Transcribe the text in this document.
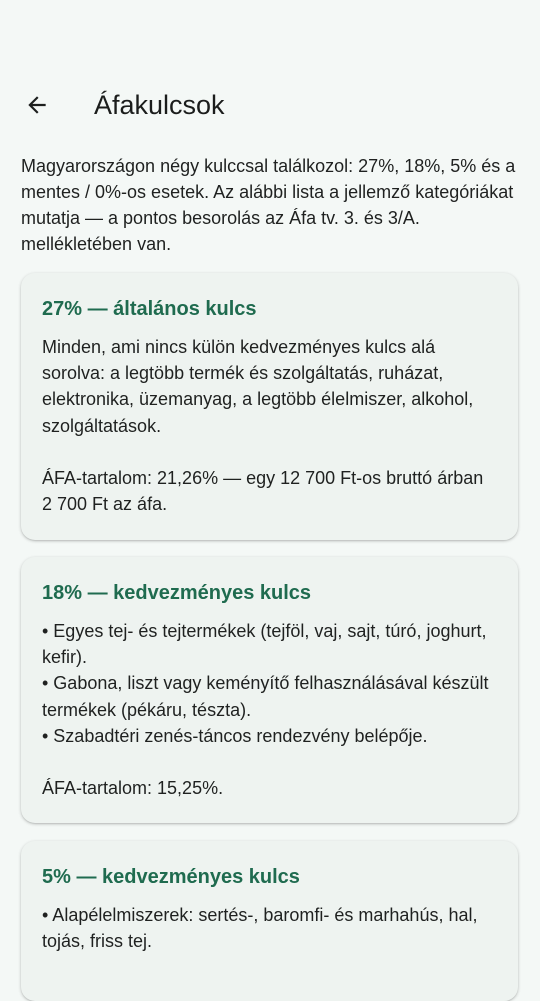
Áfakulcsok

Magyarországon négy kulccsal találkozol: 27%, 18%, 5% és a mentes / 0%-os esetek. Az alábbi lista a jellemző kategóriákat mutatja — a pontos besorolás az Áfa tv. 3. és 3/A. mellékletében van.

27% — általános kulcs

Minden, ami nincs külön kedvezményes kulcs alá sorolva: a legtöbb termék és szolgáltatás, ruházat, elektronika, üzemanyag, a legtöbb élelmiszer, alkohol, szolgáltatások.
ÁFA-tartalom: 21,26% — egy 12 700 Ft-os bruttó árban 2 700 Ft az áfa.

18% — kedvezményes kulcs

• Egyes tej- és tejtermékek (tejföl, vaj, sajt, túró, joghurt, kefir).
• Gabona, liszt vagy keményítő felhasználásával készült termékek (pékáru, tészta).
• Szabadtéri zenés-táncos rendezvény belépője.
ÁFA-tartalom: 15,25%.

5% — kedvezményes kulcs

• Alapélelmiszerek: sertés-, baromfi- és marhahús, hal, tojás, friss tej.
